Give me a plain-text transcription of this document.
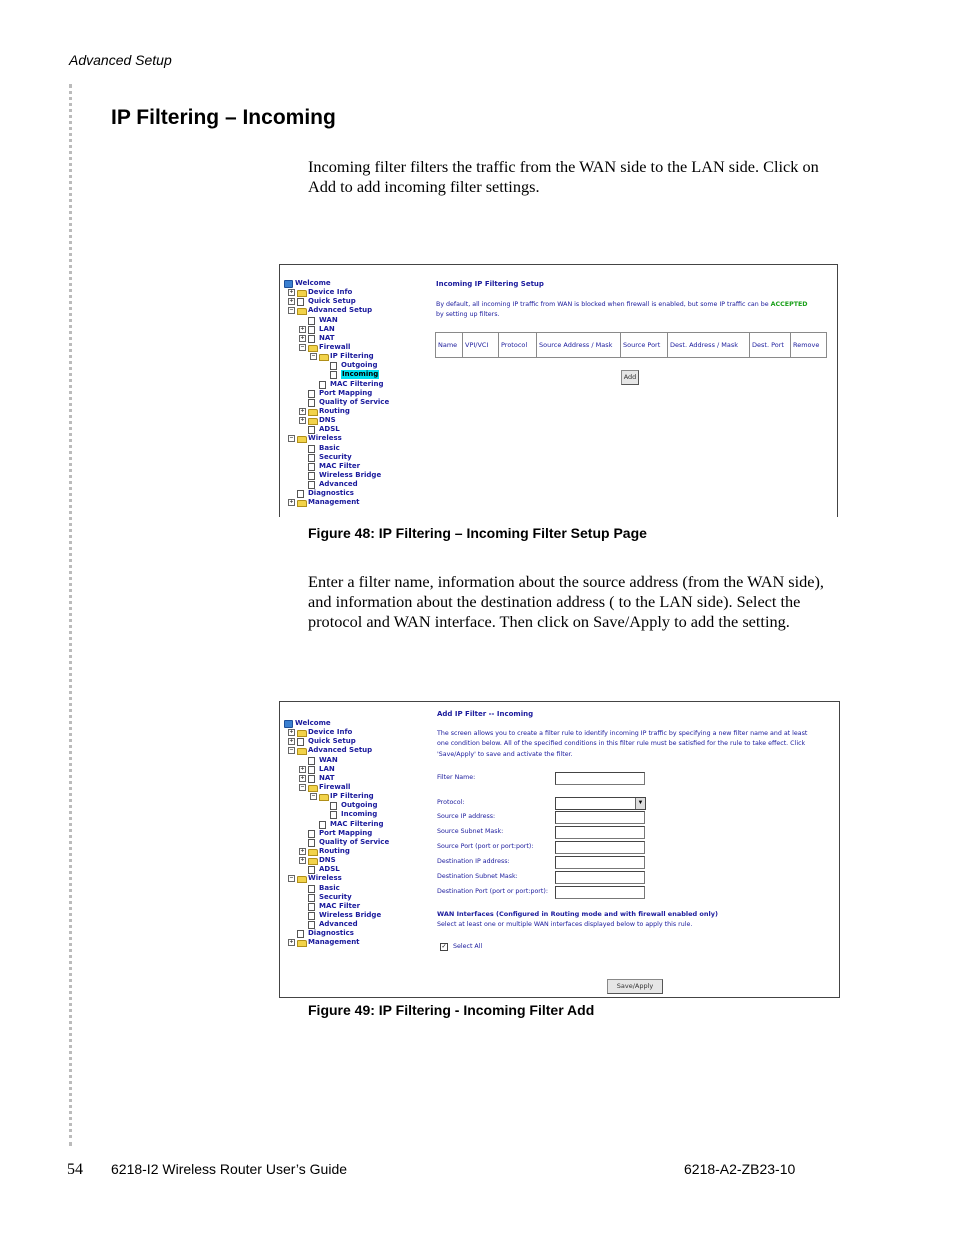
Advanced Setup
IP Filtering – Incoming
Incoming filter filters the traffic from the WAN side to the LAN side. Click on Add to add incoming filter settings.
Welcome
+ Device Info
+ Quick Setup
− Advanced Setup
WAN
+ LAN
+ NAT
− Firewall
− IP Filtering
Outgoing
Incoming
MAC Filtering
Port Mapping
Quality of Service
+ Routing
+ DNS
ADSL
− Wireless
Basic
Security
MAC Filter
Wireless Bridge
Advanced
Diagnostics
+ Management
Incoming IP Filtering Setup
By default, all incoming IP traffic from WAN is blocked when firewall is enabled, but some IP traffic can be ACCEPTED
by setting up filters.
Name	VPI/VCI	Protocol	Source Address / Mask	Source Port	Dest. Address / Mask	Dest. Port	Remove
Add
Figure 48: IP Filtering – Incoming Filter Setup Page
Enter a filter name, information about the source address (from the WAN side), and information about the destination address ( to the LAN side). Select the protocol and WAN interface. Then click on Save/Apply to add the setting.
Welcome
+ Device Info
+ Quick Setup
− Advanced Setup
WAN
+ LAN
+ NAT
− Firewall
− IP Filtering
Outgoing
Incoming
MAC Filtering
Port Mapping
Quality of Service
+ Routing
+ DNS
ADSL
− Wireless
Basic
Security
MAC Filter
Wireless Bridge
Advanced
Diagnostics
+ Management
Add IP Filter -- Incoming
The screen allows you to create a filter rule to identify incoming IP traffic by specifying a new filter name and at least
one condition below. All of the specified conditions in this filter rule must be satisfied for the rule to take effect. Click
'Save/Apply' to save and activate the filter.
Filter Name:
Protocol:	▼
Source IP address:
Source Subnet Mask:
Source Port (port or port:port):
Destination IP address:
Destination Subnet Mask:
Destination Port (port or port:port):
WAN Interfaces (Configured in Routing mode and with firewall enabled only)
Select at least one or multiple WAN interfaces displayed below to apply this rule.
✓ Select All
Save/Apply
Figure 49: IP Filtering - Incoming Filter Add
54 6218-I2 Wireless Router User’s Guide	6218-A2-ZB23-10
